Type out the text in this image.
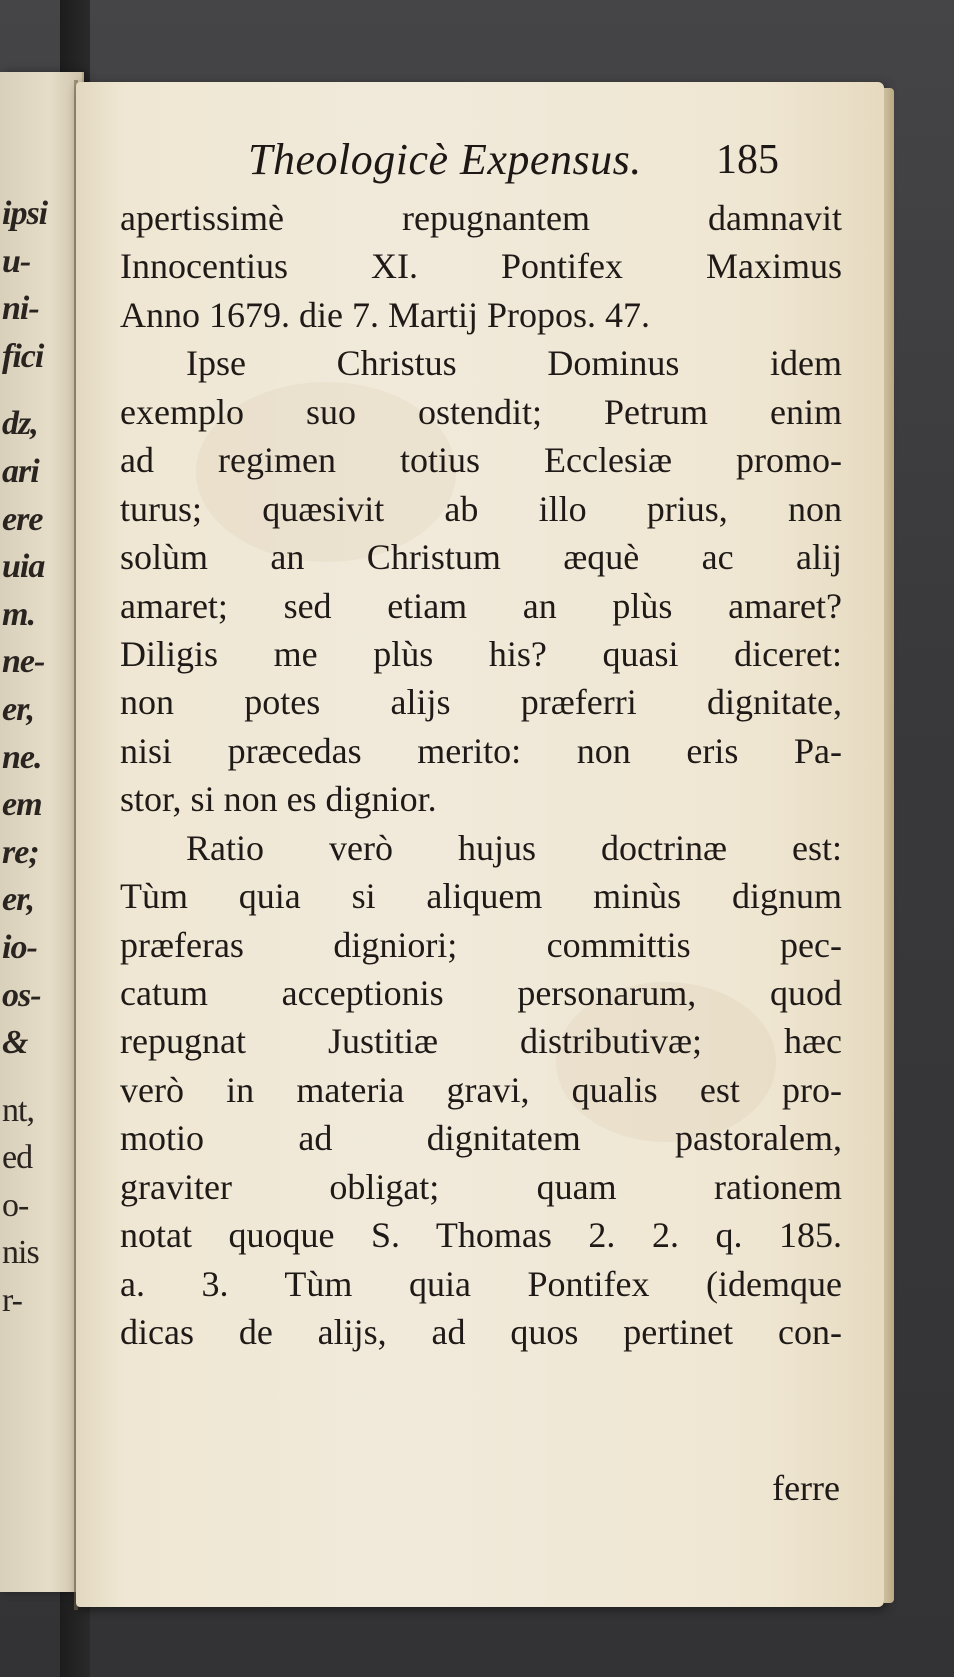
ipsi
u-
ni-
fici
dz,
ari
ere
uia
m.
ne-
er,
ne.
em
re;
er,
io-
os-
&
nt,
ed
o-
nis
r-
Theologicè Expensus. 185
apertissimè repugnantem damnavit
Innocentius XI. Pontifex Maximus
Anno 1679. die 7. Martij Propos. 47.
Ipse Christus Dominus idem
exemplo suo ostendit; Petrum enim
ad regimen totius Ecclesiæ promo-
turus; quæsivit ab illo prius, non
solùm an Christum æquè ac alij
amaret; sed etiam an plùs amaret?
Diligis me plùs his? quasi diceret:
non potes alijs præferri dignitate,
nisi præcedas merito: non eris Pa-
stor, si non es dignior.
Ratio verò hujus doctrinæ est:
Tùm quia si aliquem minùs dignum
præferas digniori; committis pec-
catum acceptionis personarum, quod
repugnat Justitiæ distributivæ; hæc
verò in materia gravi, qualis est pro-
motio ad dignitatem pastoralem,
graviter obligat; quam rationem
notat quoque S. Thomas 2. 2. q. 185.
a. 3. Tùm quia Pontifex (idemque
dicas de alijs, ad quos pertinet con-
ferre
